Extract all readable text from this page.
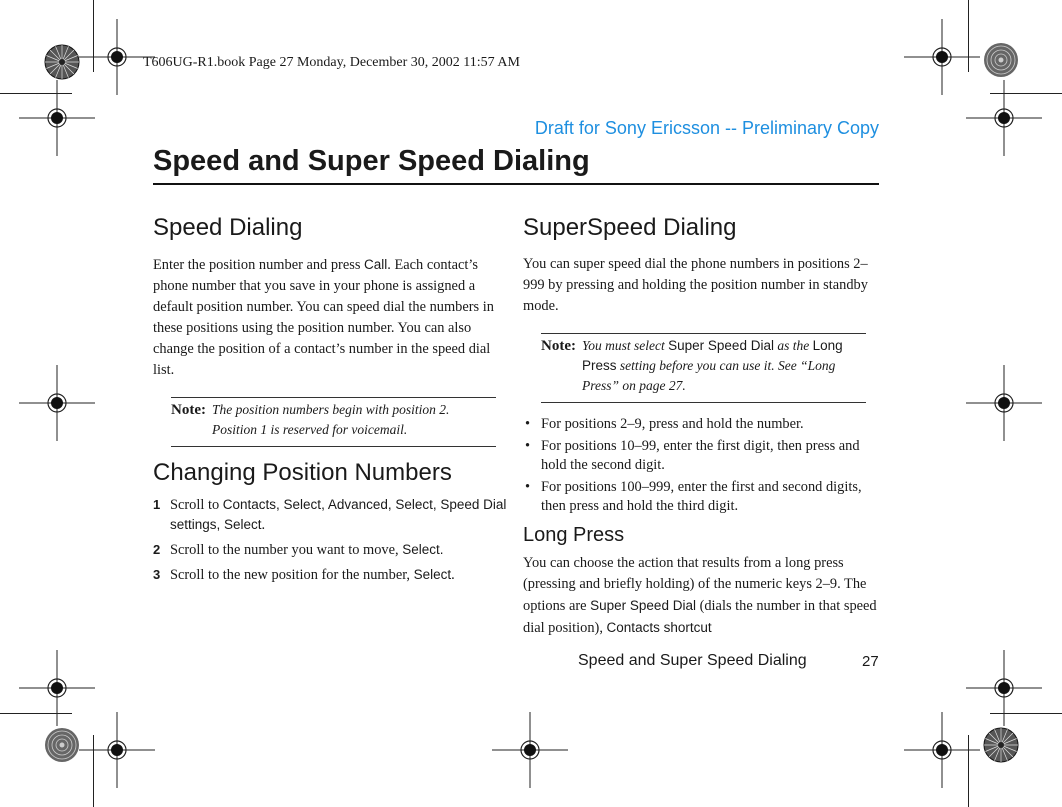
T606UG-R1.book Page 27 Monday, December 30, 2002 11:57 AM
Draft for Sony Ericsson -- Preliminary Copy
Speed and Super Speed Dialing
Speed Dialing

Enter the position number and press Call. Each contact’s phone number that you save in your phone is assigned a default position number. You can speed dial the numbers in these positions using the position number. You can also change the position of a contact’s number in the speed dial list.

Note: The position numbers begin with position 2. Position 1 is reserved for voicemail.
Changing Position Numbers
1 Scroll to Contacts, Select, Advanced, Select, Speed Dial settings, Select.
2 Scroll to the number you want to move, Select.
3 Scroll to the new position for the number, Select.
SuperSpeed Dialing

You can super speed dial the phone numbers in positions 2–999 by pressing and holding the position number in standby mode.

Note: You must select Super Speed Dial as the Long Press setting before you can use it. See “Long Press” on page 27.
• For positions 2–9, press and hold the number.
• For positions 10–99, enter the first digit, then press and hold the second digit.
• For positions 100–999, enter the first and second digits, then press and hold the third digit.
Long Press

You can choose the action that results from a long press (pressing and briefly holding) of the numeric keys 2–9. The options are Super Speed Dial (dials the number in that speed dial position), Contacts shortcut

Speed and Super Speed Dialing	27
